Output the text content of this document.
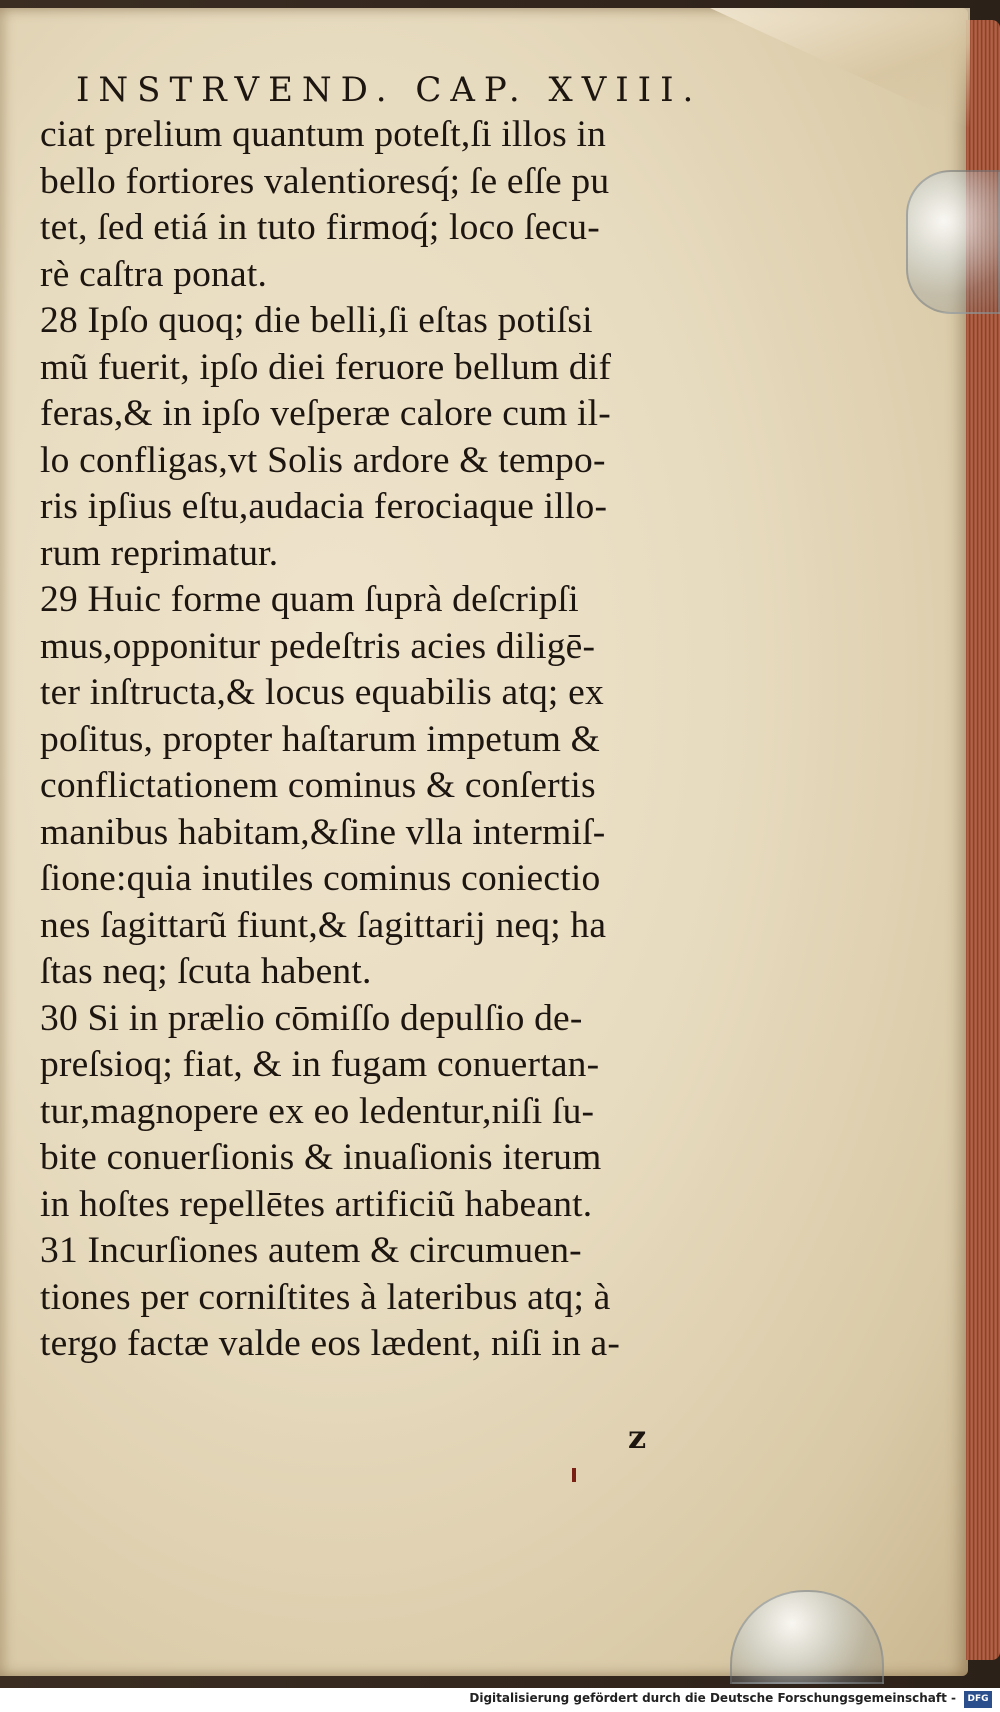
INSTRVEND. CAP. XVIII.
ciat prelium quantum poteſt,ſi illos in
bello fortiores valentioresq́; ſe eſſe pu
tet, ſed etiá in tuto firmoq́; loco ſecu-
rè caſtra ponat.
28 Ipſo quoq; die belli,ſi eſtas potiſsi
mũ fuerit, ipſo diei feruore bellum dif
feras,& in ipſo veſperæ calore cum il-
lo confligas,vt Solis ardore & tempo-
ris ipſius eſtu,audacia ferociaque illo-
rum reprimatur.
29 Huic forme quam ſuprà deſcripſi
mus,opponitur pedeſtris acies diligē-
ter inſtructa,& locus equabilis atq; ex
poſitus, propter haſtarum impetum &
conflictationem cominus & conſertis
manibus habitam,&ſine vlla intermiſ-
ſione:quia inutiles cominus coniectio
nes ſagittarũ fiunt,& ſagittarij neq; ha
ſtas neq; ſcuta habent.
30 Si in prælio cōmiſſo depulſio de-
preſsioq; fiat, & in fugam conuertan-
tur,magnopere ex eo ledentur,niſi ſu-
bite conuerſionis & inuaſionis iterum
in hoſtes repellētes artificiũ habeant.
31 Incurſiones autem & circumuen-
tiones per corniſtites à lateribus atq; à
tergo factæ valde eos lædent, niſi in a-
z
Digitalisierung gefördert durch die Deutsche Forschungsgemeinschaft -	DFG
